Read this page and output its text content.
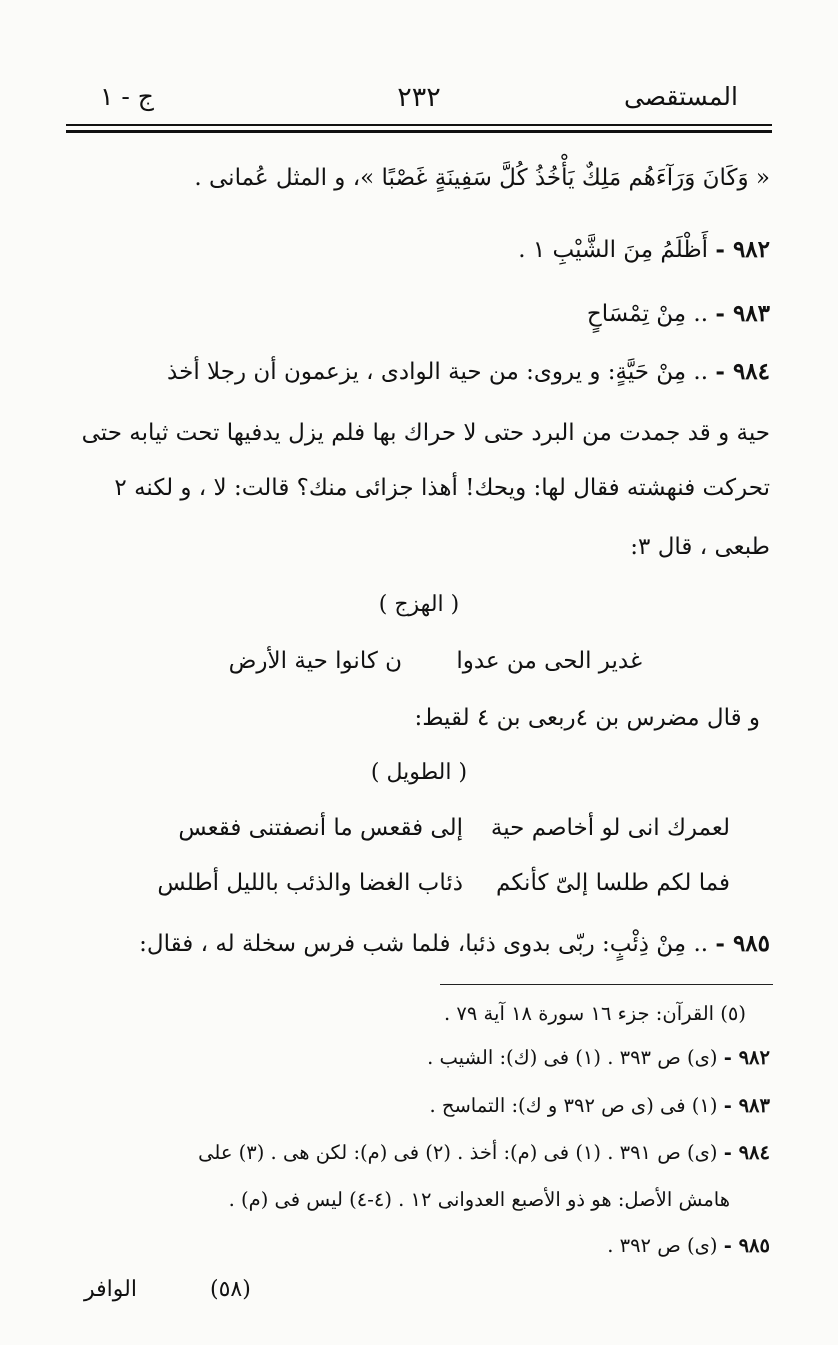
المستقصى
٢٣٢
ج - ١
« وَكَانَ وَرَآءَهُم مَلِكٌ يَأْخُذُ كُلَّ سَفِينَةٍ غَصْبًا »، و المثل عُمانى .
٩٨٢ - أَظْلَمُ مِنَ الشَّيْبِ ١ .
٩٨٣ - .. مِنْ تِمْسَاحٍ
٩٨٤ - .. مِنْ حَيَّةٍ: و يروى: من حية الوادى ، يزعمون أن رجلا أخذ
حية و قد جمدت من البرد حتى لا حراك بها فلم يزل يدفيها تحت ثيابه حتى
تحركت فنهشته فقال لها: ويحك! أهذا جزائى منك؟ قالت: لا ، و لكنه ٢
طبعى ، قال ٣:
( الهزج )
غدير الحى من عدوا
ن كانوا حية الأرض
و قال مضرس بن ٤ربعى بن ٤ لقيط:
( الطويل )
لعمرك انى لو أخاصم حية
إلى فقعس ما أنصفتنى فقعس
فما لكم طلسا إلىّ كأنكم
ذئاب الغضا والذئب بالليل أطلس
٩٨٥ - .. مِنْ ذِئْبٍ: ربّى بدوى ذئبا، فلما شب فرس سخلة له ، فقال:
(٥) القرآن: جزء ١٦ سورة ١٨ آية ٧٩ .
٩٨٢ - (ى) ص ٣٩٣ . (١) فى (ك): الشيب .
٩٨٣ - (١) فى (ى ص ٣٩٢ و ك): التماسح .
٩٨٤ - (ى) ص ٣٩١ . (١) فى (م): أخذ . (٢) فى (م): لكن هى . (٣) على
هامش الأصل: هو ذو الأصبع العدوانى ١٢ . (٤-٤) ليس فى (م) .
٩٨٥ - (ى) ص ٣٩٢ .
(٥٨)
الوافر
